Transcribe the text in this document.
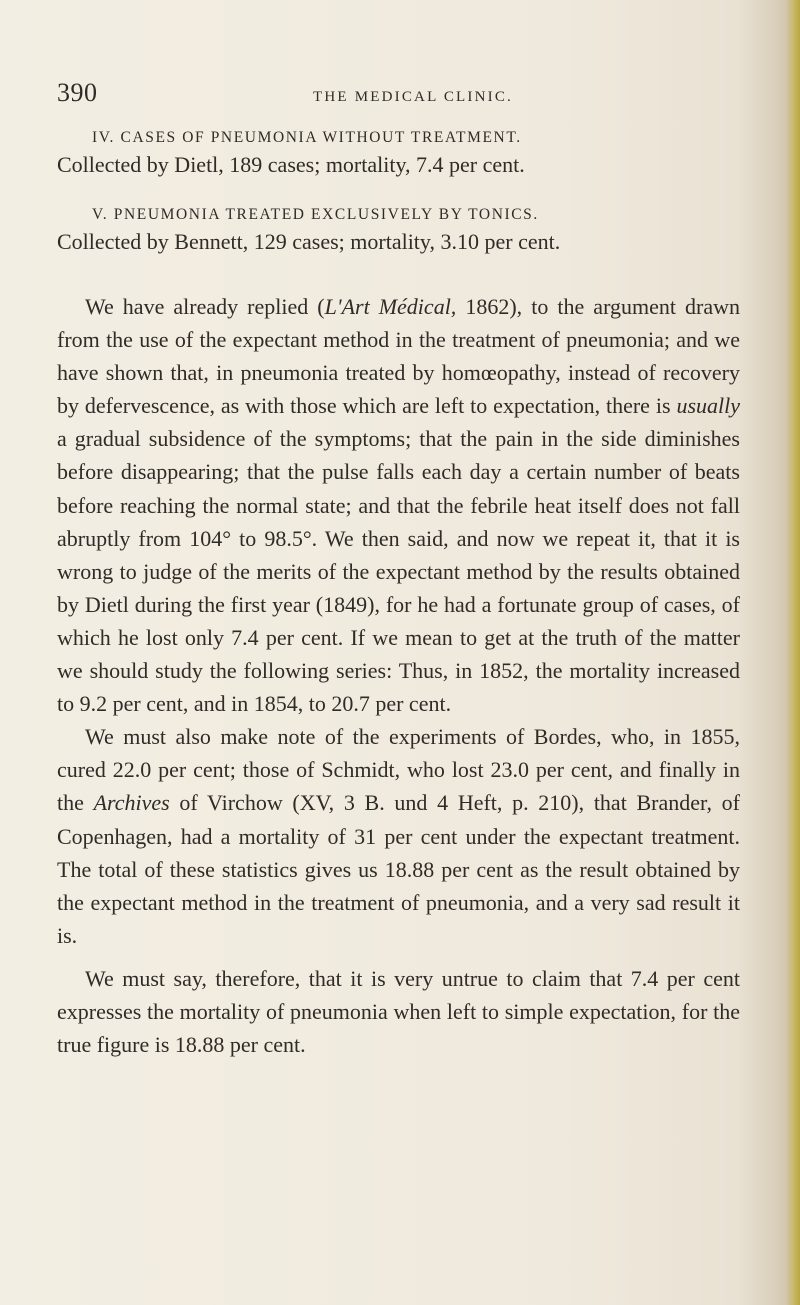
390	THE MEDICAL CLINIC.
IV. CASES OF PNEUMONIA WITHOUT TREATMENT.
Collected by Dietl, 189 cases; mortality, 7.4 per cent.
V. PNEUMONIA TREATED EXCLUSIVELY BY TONICS.
Collected by Bennett, 129 cases; mortality, 3.10 per cent.

We have already replied (L'Art Médical, 1862), to the argument drawn from the use of the expectant method in the treatment of pneumonia; and we have shown that, in pneumonia treated by homœopathy, instead of recovery by defervescence, as with those which are left to expectation, there is usually a gradual subsidence of the symptoms; that the pain in the side diminishes before disappearing; that the pulse falls each day a certain number of beats before reaching the normal state; and that the febrile heat itself does not fall abruptly from 104° to 98.5°. We then said, and now we repeat it, that it is wrong to judge of the merits of the expectant method by the results obtained by Dietl during the first year (1849), for he had a fortunate group of cases, of which he lost only 7.4 per cent. If we mean to get at the truth of the matter we should study the following series: Thus, in 1852, the mortality increased to 9.2 per cent, and in 1854, to 20.7 per cent.

We must also make note of the experiments of Bordes, who, in 1855, cured 22.0 per cent; those of Schmidt, who lost 23.0 per cent, and finally in the Archives of Virchow (XV, 3 B. und 4 Heft, p. 210), that Brander, of Copenhagen, had a mortality of 31 per cent under the expectant treatment. The total of these statistics gives us 18.88 per cent as the result obtained by the expectant method in the treatment of pneumonia, and a very sad result it is.

We must say, therefore, that it is very untrue to claim that 7.4 per cent expresses the mortality of pneumonia when left to simple expectation, for the true figure is 18.88 per cent.
